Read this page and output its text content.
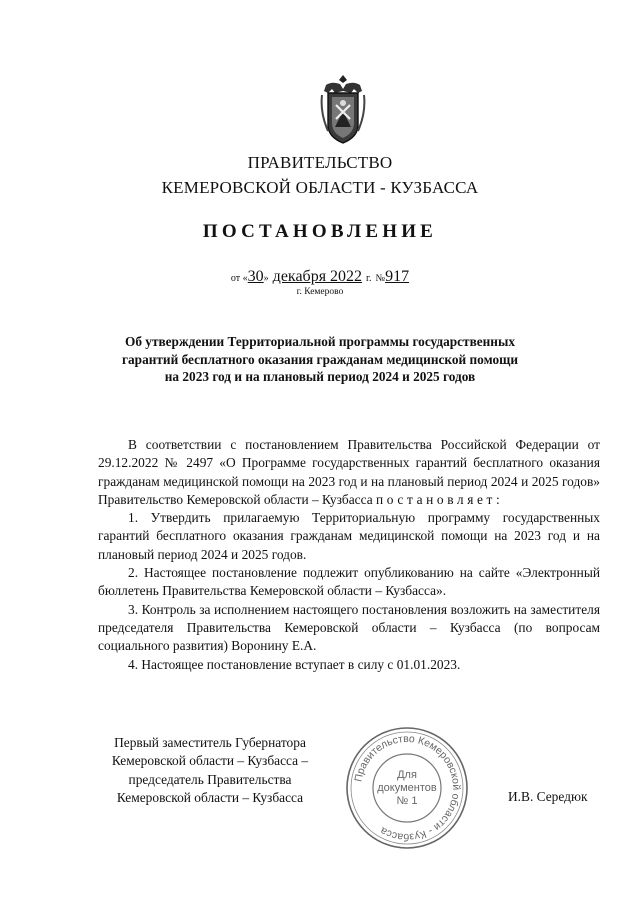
ПРАВИТЕЛЬСТВО
КЕМЕРОВСКОЙ ОБЛАСТИ - КУЗБАССА
ПОСТАНОВЛЕНИЕ
от «30» декабря 2022 г. №917
г. Кемерово
Об утверждении Территориальной программы государственных гарантий бесплатного оказания гражданам медицинской помощи на 2023 год и на плановый период 2024 и 2025 годов

В соответствии с постановлением Правительства Российской Федерации от 29.12.2022 № 2497 «О Программе государственных гарантий бесплатного оказания гражданам медицинской помощи на 2023 год и на плановый период 2024 и 2025 годов» Правительство Кемеровской области – Кузбасса постановляет:

1. Утвердить прилагаемую Территориальную программу государственных гарантий бесплатного оказания гражданам медицинской помощи на 2023 год и на плановый период 2024 и 2025 годов.

2. Настоящее постановление подлежит опубликованию на сайте «Электронный бюллетень Правительства Кемеровской области – Кузбасса».

3. Контроль за исполнением настоящего постановления возложить на заместителя председателя Правительства Кемеровской области – Кузбасса (по вопросам социального развития) Воронину Е.А.

4. Настоящее постановление вступает в силу с 01.01.2023.

Первый заместитель Губернатора
Кемеровской области – Кузбасса –
председатель Правительства
Кемеровской области – Кузбасса
Правительство Кемеровской области - Кузбасса
Для
документов
№ 1	И.В. Середюк
